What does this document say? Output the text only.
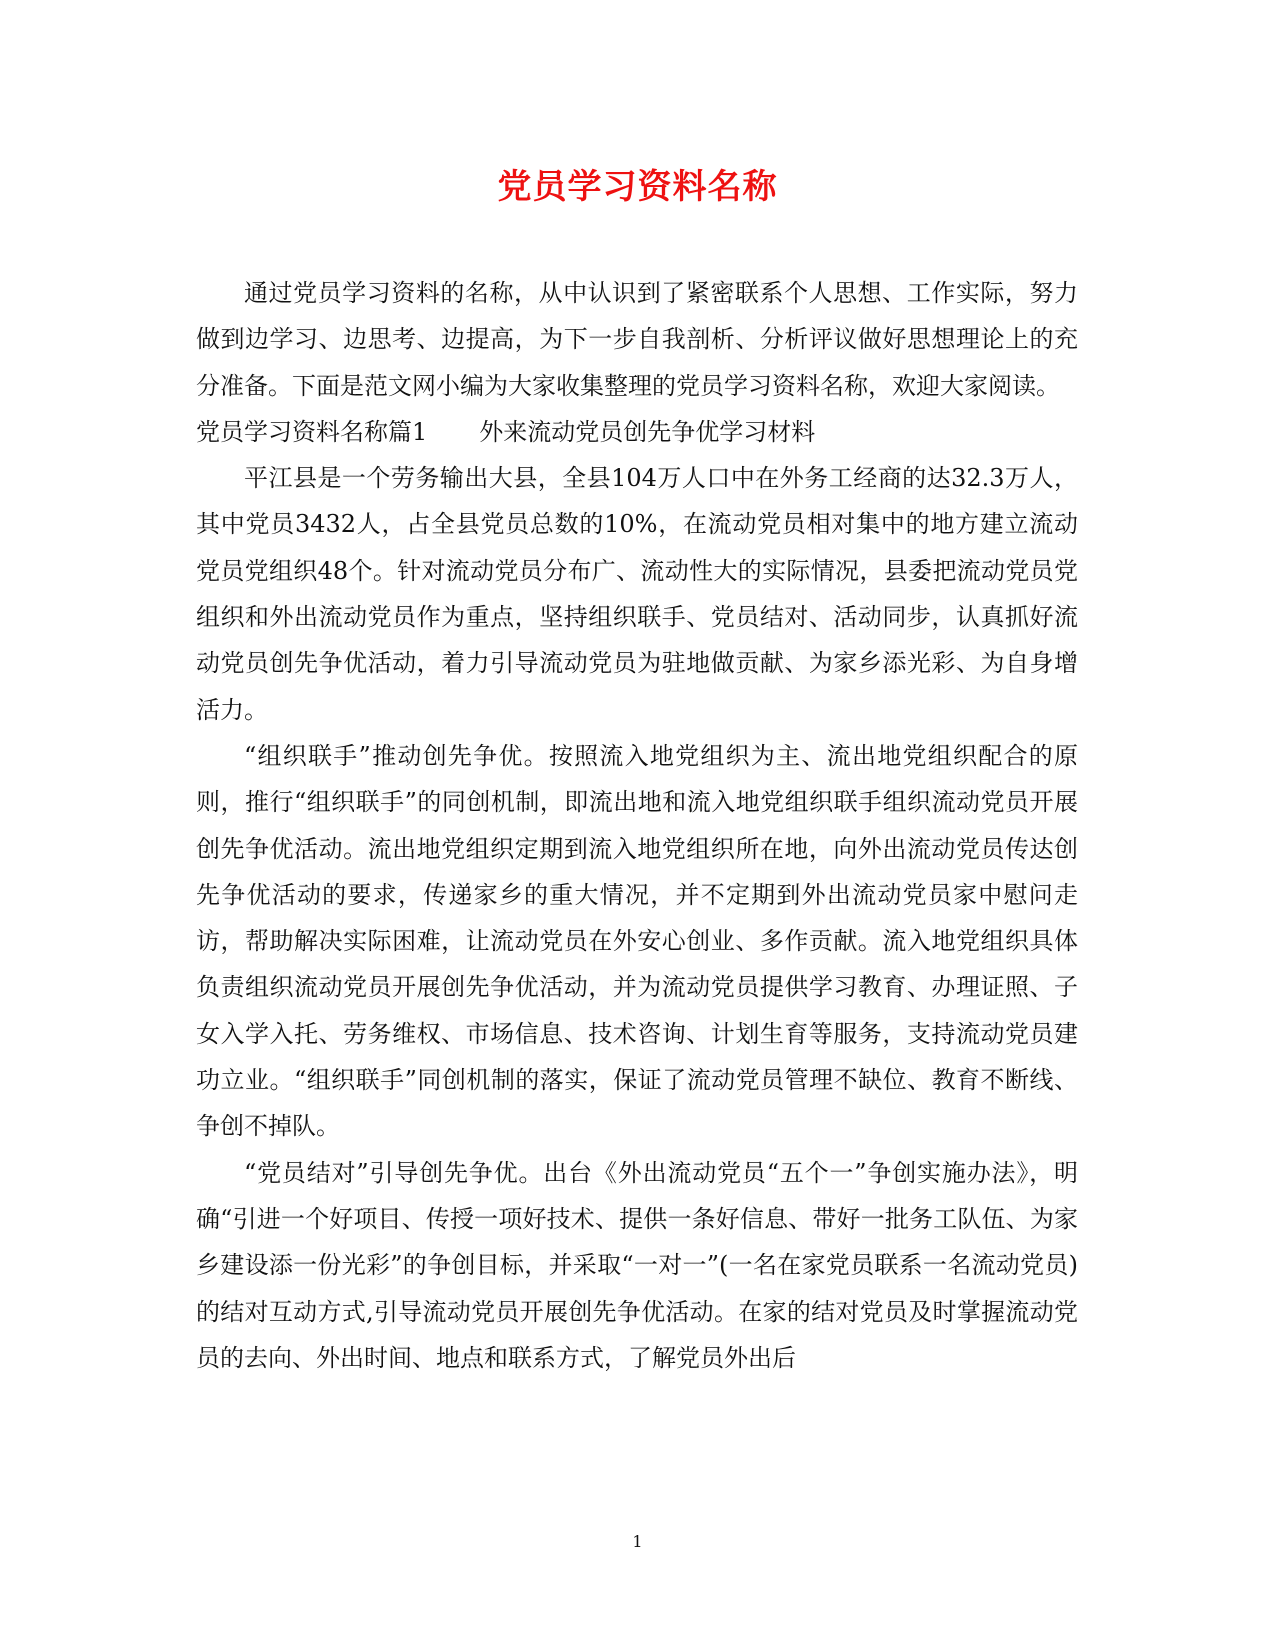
党员学习资料名称

通过党员学习资料的名称，从中认识到了紧密联系个人思想、工作实际，努力做到边学习、边思考、边提高，为下一步自我剖析、分析评议做好思想理论上的充分准备。下面是范文网小编为大家收集整理的党员学习资料名称，欢迎大家阅读。

党员学习资料名称篇1 外来流动党员创先争优学习材料

平江县是一个劳务输出大县，全县104万人口中在外务工经商的达32.3万人，其中党员3432人，占全县党员总数的10%，在流动党员相对集中的地方建立流动党员党组织48个。针对流动党员分布广、流动性大的实际情况，县委把流动党员党组织和外出流动党员作为重点，坚持组织联手、党员结对、活动同步，认真抓好流动党员创先争优活动，着力引导流动党员为驻地做贡献、为家乡添光彩、为自身增活力。

“组织联手”推动创先争优。按照流入地党组织为主、流出地党组织配合的原则，推行“组织联手”的同创机制，即流出地和流入地党组织联手组织流动党员开展创先争优活动。流出地党组织定期到流入地党组织所在地，向外出流动党员传达创先争优活动的要求，传递家乡的重大情况，并不定期到外出流动党员家中慰问走访，帮助解决实际困难，让流动党员在外安心创业、多作贡献。流入地党组织具体负责组织流动党员开展创先争优活动，并为流动党员提供学习教育、办理证照、子女入学入托、劳务维权、市场信息、技术咨询、计划生育等服务，支持流动党员建功立业。“组织联手”同创机制的落实，保证了流动党员管理不缺位、教育不断线、争创不掉队。

“党员结对”引导创先争优。出台《外出流动党员“五个一”争创实施办法》，明确“引进一个好项目、传授一项好技术、提供一条好信息、带好一批务工队伍、为家乡建设添一份光彩”的争创目标，并采取“一对一”(一名在家党员联系一名流动党员)的结对互动方式,引导流动党员开展创先争优活动。在家的结对党员及时掌握流动党员的去向、外出时间、地点和联系方式，了解党员外出后

1
